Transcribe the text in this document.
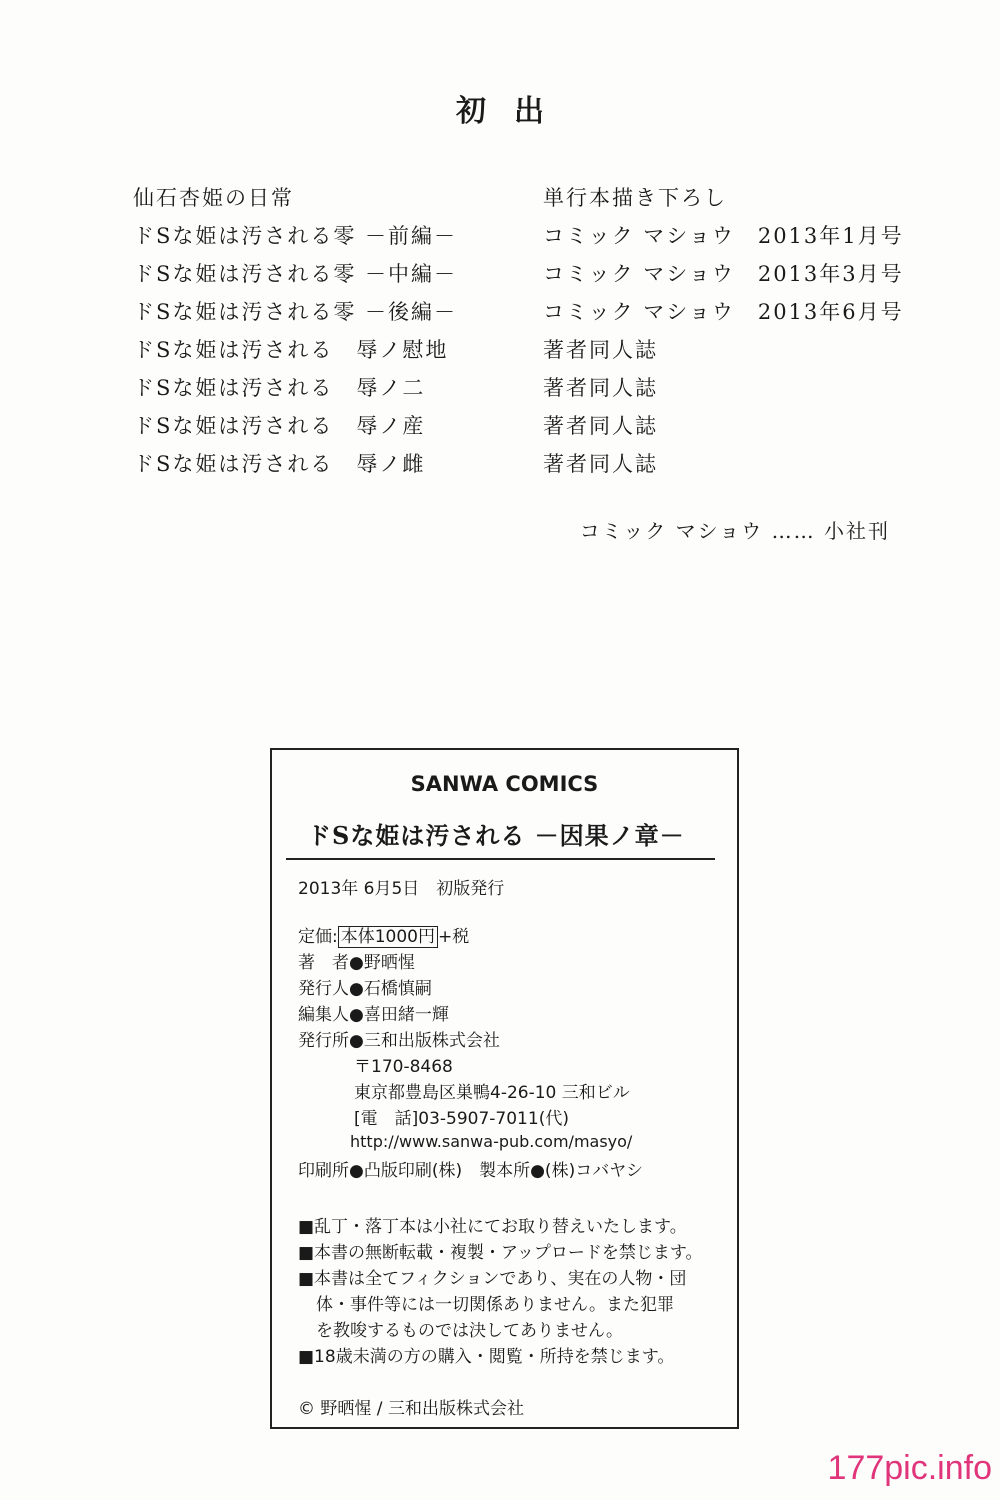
初出
仙石杏姫の日常	単行本描き下ろし
ドSな姫は汚される零 －前編－	コミック マショウ　2013年1月号
ドSな姫は汚される零 －中編－	コミック マショウ　2013年3月号
ドSな姫は汚される零 －後編－	コミック マショウ　2013年6月号
ドSな姫は汚される　辱ノ慰地	著者同人誌
ドSな姫は汚される　辱ノ二	著者同人誌
ドSな姫は汚される　辱ノ産	著者同人誌
ドSな姫は汚される　辱ノ雌	著者同人誌
コミック マショウ …… 小社刊
SANWA COMICS
ドSな姫は汚される －因果ノ章－
2013年 6月5日　初版発行
定価: 本体1000円 +税
著　者●野晒惺
発行人●石橋慎嗣
編集人●喜田緒一輝
発行所●三和出版株式会社
〒170-8468
東京都豊島区巣鴨4-26-10 三和ビル
[電　話]03-5907-7011(代)
http://www.sanwa-pub.com/masyo/
印刷所●凸版印刷(株)　製本所●(株)コバヤシ
■乱丁・落丁本は小社にてお取り替えいたします。
■本書の無断転載・複製・アップロードを禁じます。
■本書は全てフィクションであり、実在の人物・団
体・事件等には一切関係ありません。また犯罪
を教唆するものでは決してありません。
■18歳未満の方の購入・閲覧・所持を禁じます。
© 野晒惺 / 三和出版株式会社
177pic.info
